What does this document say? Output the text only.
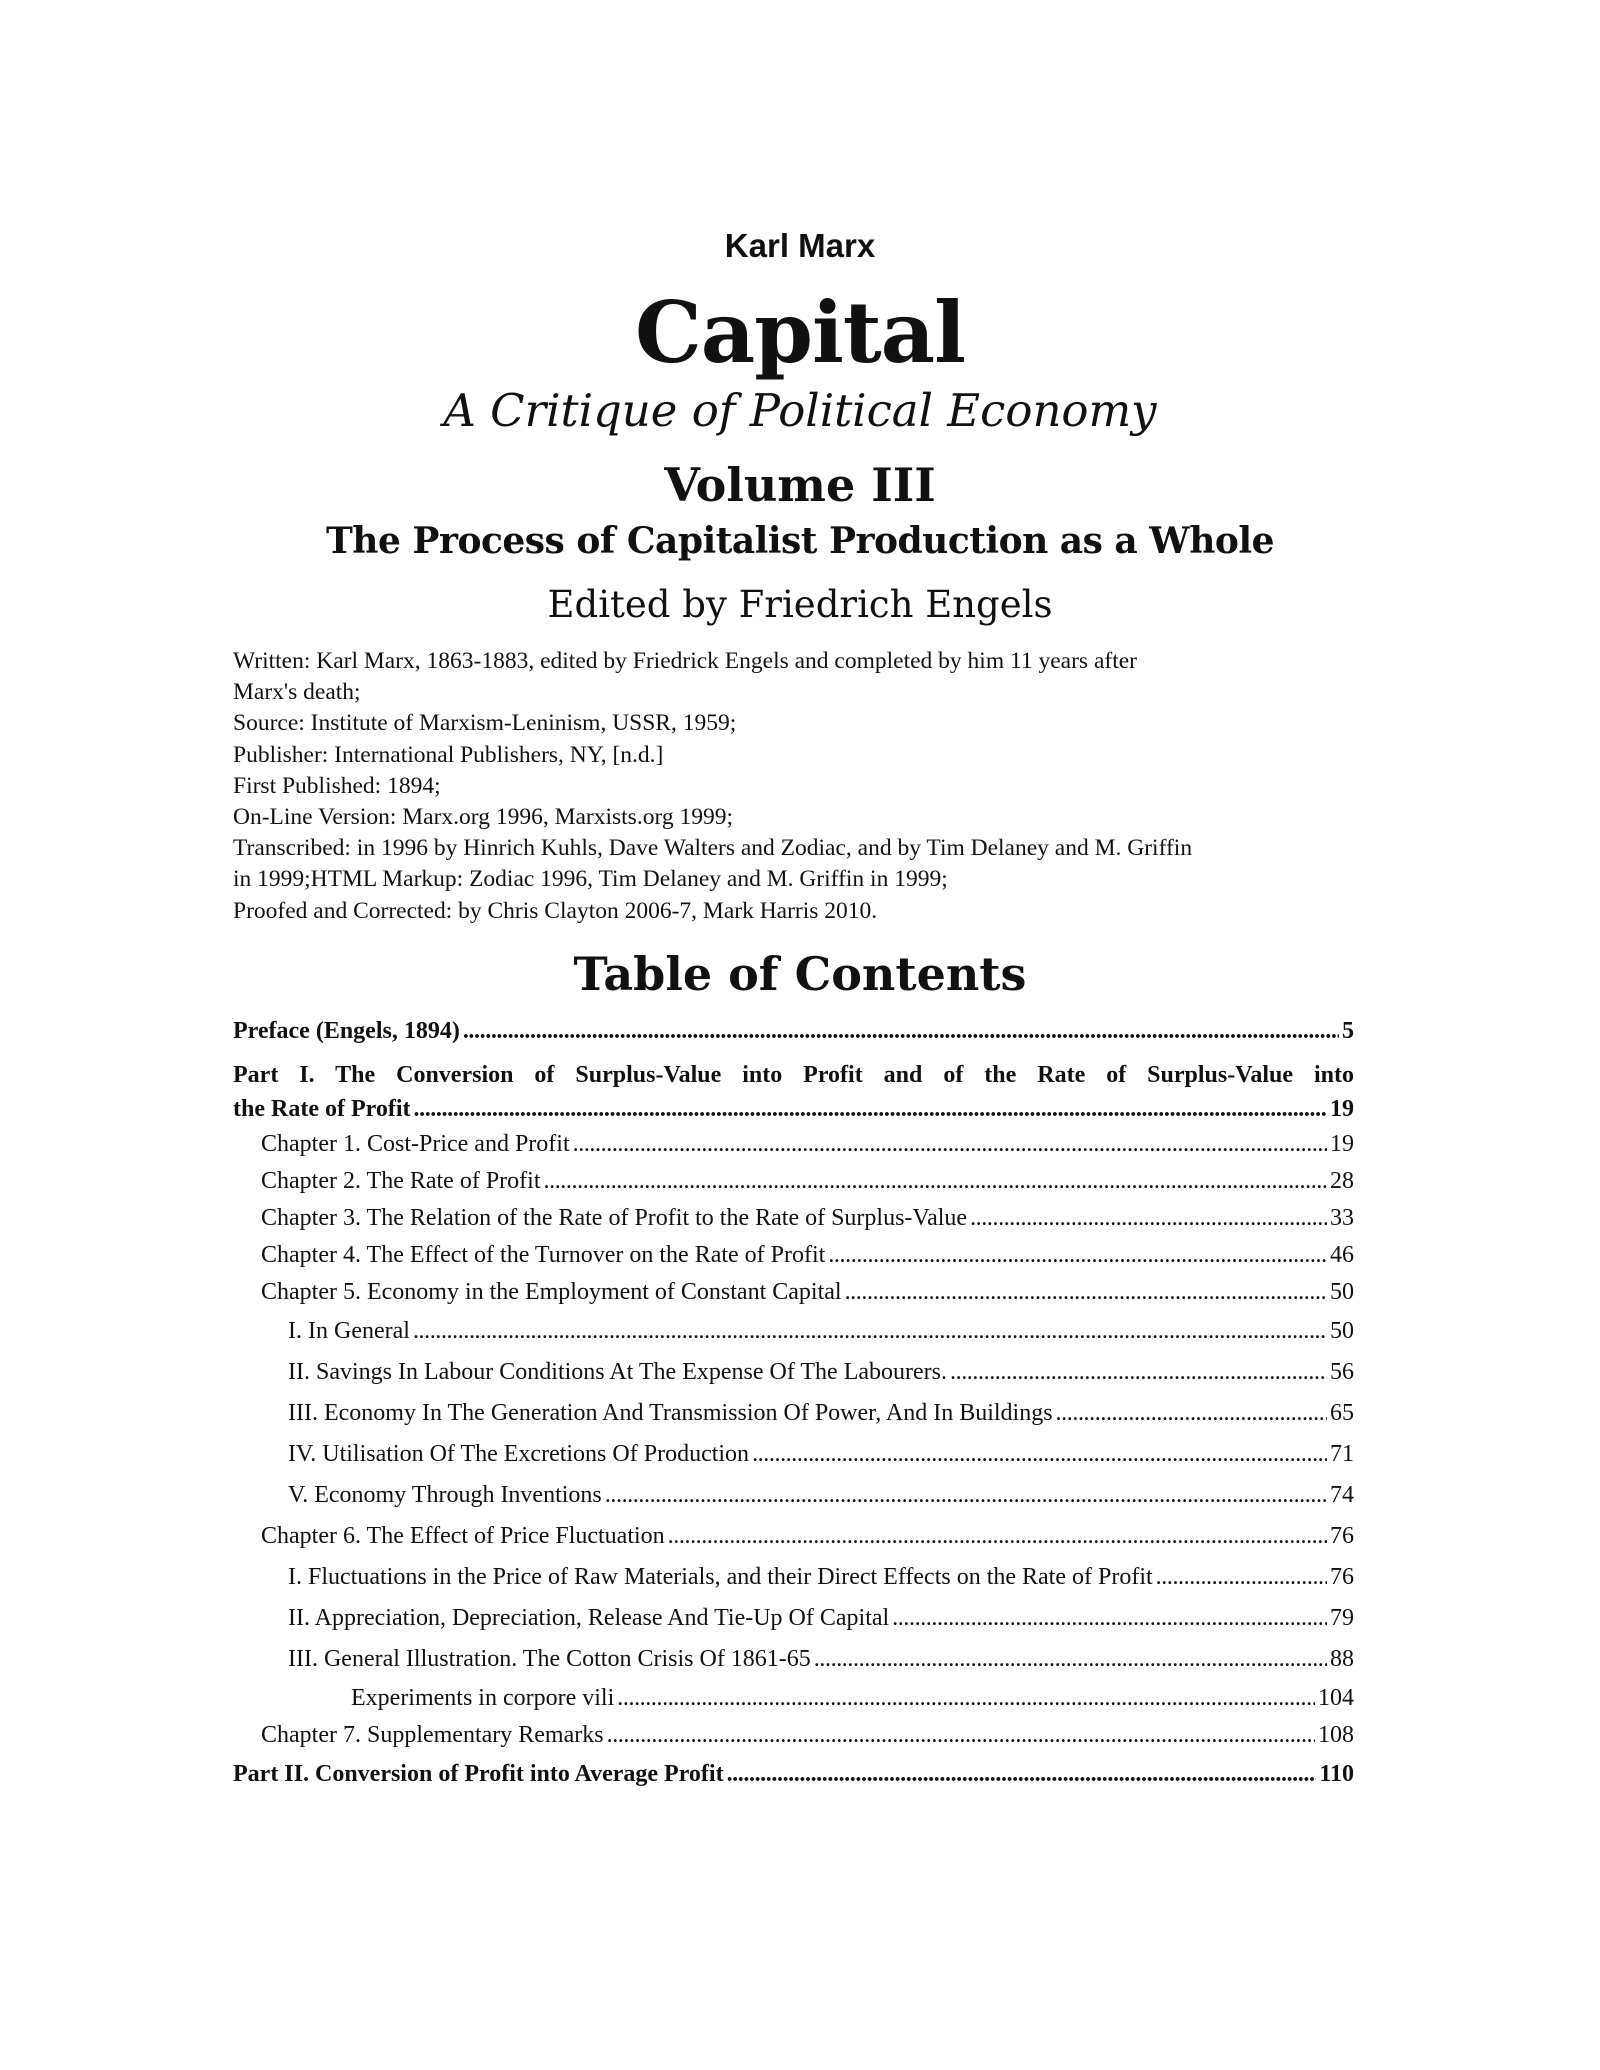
Karl Marx
Capital
A Critique of Political Economy
Volume III
The Process of Capitalist Production as a Whole
Edited by Friedrich Engels
Written: Karl Marx, 1863-1883, edited by Friedrick Engels and completed by him 11 years after
Marx's death;
Source: Institute of Marxism-Leninism, USSR, 1959;
Publisher: International Publishers, NY, [n.d.]
First Published: 1894;
On-Line Version: Marx.org 1996, Marxists.org 1999;
Transcribed: in 1996 by Hinrich Kuhls, Dave Walters and Zodiac, and by Tim Delaney and M. Griffin
in 1999;HTML Markup: Zodiac 1996, Tim Delaney and M. Griffin in 1999;
Proofed and Corrected: by Chris Clayton 2006-7, Mark Harris 2010.
Table of Contents
Preface (Engels, 1894) . . .	5
Part I. The Conversion of Surplus-Value into Profit and of the Rate of Surplus-Value into
the Rate of Profit . . .	19
Chapter 1. Cost-Price and Profit . . .	19
Chapter 2. The Rate of Profit . . .	28
Chapter 3. The Relation of the Rate of Profit to the Rate of Surplus-Value . . .	33
Chapter 4. The Effect of the Turnover on the Rate of Profit . . .	46
Chapter 5. Economy in the Employment of Constant Capital . . .	50
I. In General . . .	50
II. Savings In Labour Conditions At The Expense Of The Labourers. . . .	56
III. Economy In The Generation And Transmission Of Power, And In Buildings . . .	65
IV. Utilisation Of The Excretions Of Production . . .	71
V. Economy Through Inventions . . .	74
Chapter 6. The Effect of Price Fluctuation . . .	76
I. Fluctuations in the Price of Raw Materials, and their Direct Effects on the Rate of Profit . . .	76
II. Appreciation, Depreciation, Release And Tie-Up Of Capital . . .	79
III. General Illustration. The Cotton Crisis Of 1861-65 . . .	88
Experiments in corpore vili . . .	104
Chapter 7. Supplementary Remarks . . .	108
Part II. Conversion of Profit into Average Profit . . .	110
